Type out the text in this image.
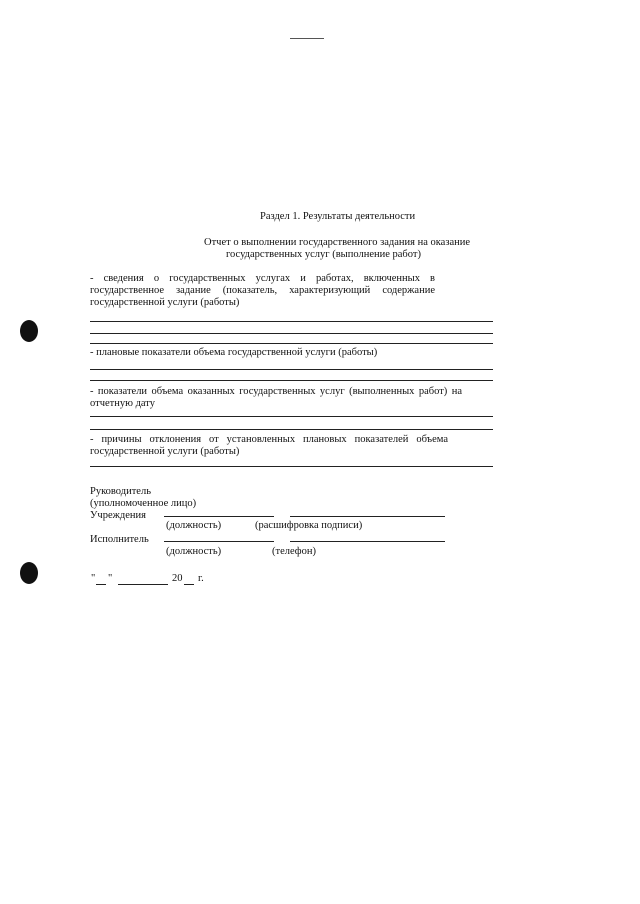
Раздел 1. Результаты деятельности
Отчет о выполнении государственного задания на оказание
государственных услуг (выполнение работ)
- сведения о государственных услугах и работах, включенных в
государственное задание (показатель, характеризующий содержание
государственной услуги (работы)
- плановые показатели объема государственной услуги (работы)
- показатели объема оказанных государственных услуг (выполненных работ) на
отчетную дату
- причины отклонения от установленных плановых показателей объема
государственной услуги (работы)
Руководитель
(уполномоченное лицо)
Учреждения
(должность)	(расшифровка подписи)
Исполнитель
(должность)	(телефон)
" "	20 г.
